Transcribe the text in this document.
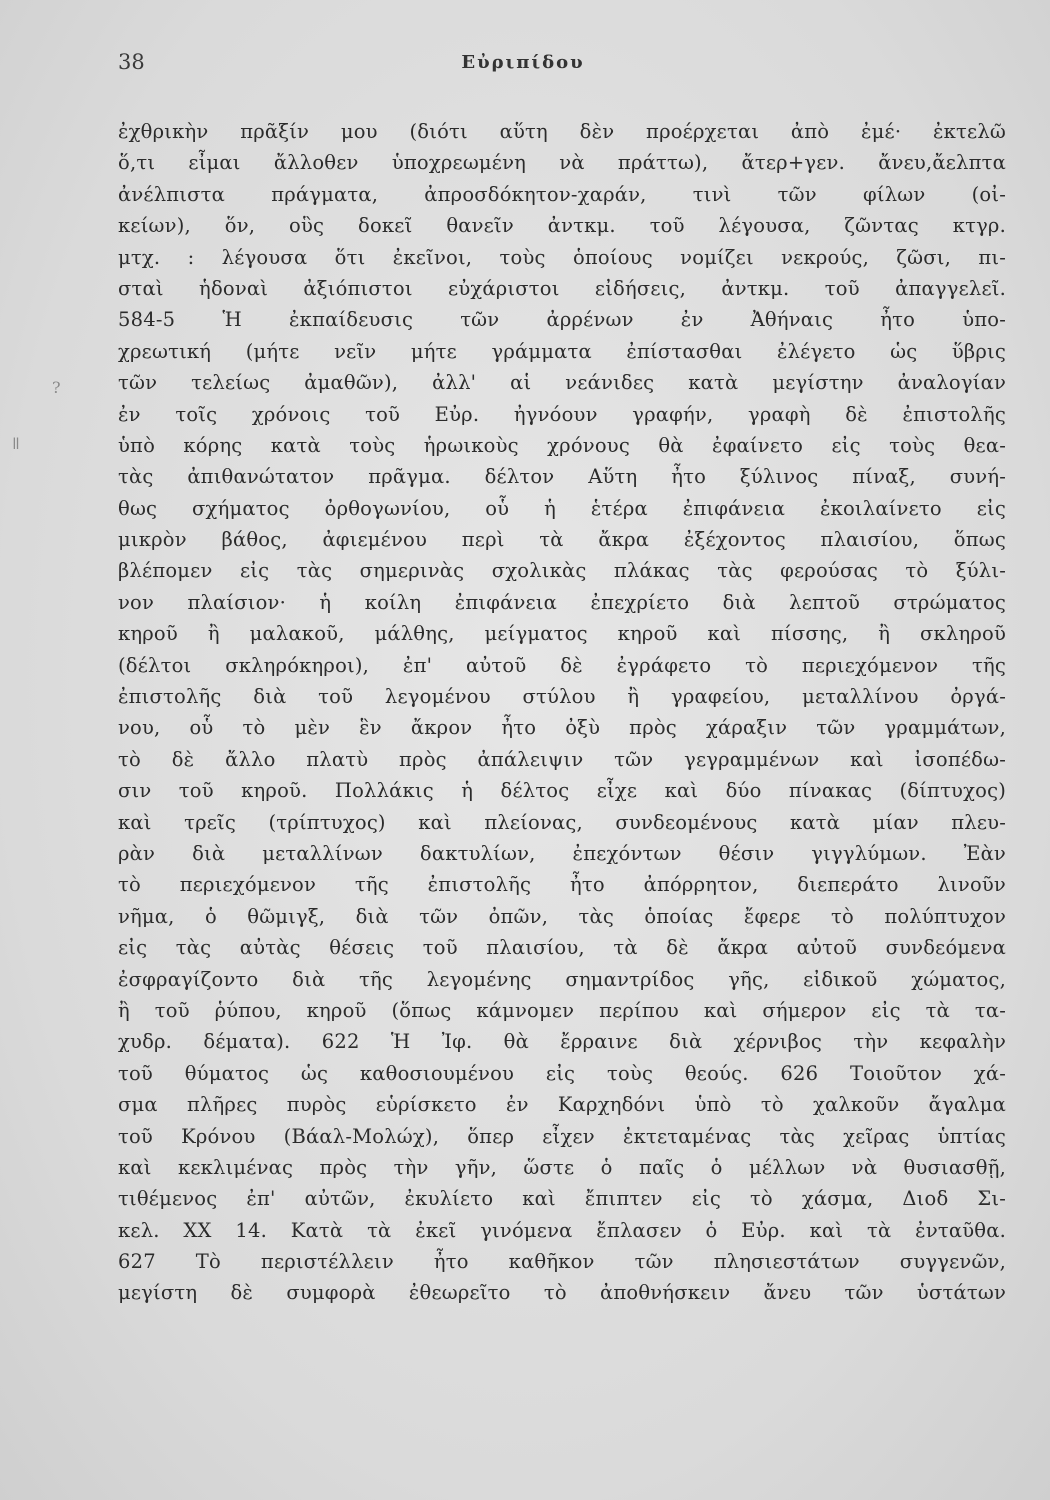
38	Εὐριπίδου
?
ǁ
ἐχθρικὴν πρᾶξίν μου (διότι αὕτη δὲν προέρχεται ἀπὸ ἐμέ· ἐκτελῶ
ὅ,τι εἶμαι ἄλλοθεν ὑποχρεωμένη νὰ πράττω), ἄτερ+γεν. ἄνευ,ἄελπτα
ἀνέλπιστα πράγματα, ἀπροσδόκητον-χαράν, τινὶ τῶν φίλων (οἰ-
κείων), ὅν, οὓς δοκεῖ θανεῖν ἀντκμ. τοῦ λέγουσα, ζῶντας κτγρ.
μτχ. : λέγουσα ὅτι ἐκεῖνοι, τοὺς ὁποίους νομίζει νεκρούς, ζῶσι, πι-
σταὶ ἡδοναὶ ἀξιόπιστοι εὐχάριστοι εἰδήσεις, ἀντκμ. τοῦ ἀπαγγελεῖ.
584-5 Ἡ ἐκπαίδευσις τῶν ἀρρένων ἐν Ἀθήναις ἦτο ὑπο-
χρεωτική (μήτε νεῖν μήτε γράμματα ἐπίστασθαι ἐλέγετο ὡς ὕβρις
τῶν τελείως ἀμαθῶν), ἀλλ' αἱ νεάνιδες κατὰ μεγίστην ἀναλογίαν
ἐν τοῖς χρόνοις τοῦ Εὐρ. ἠγνόουν γραφήν, γραφὴ δὲ ἐπιστολῆς
ὑπὸ κόρης κατὰ τοὺς ἡρωικοὺς χρόνους θὰ ἐφαίνετο εἰς τοὺς θεα-
τὰς ἀπιθανώτατον πρᾶγμα. δέλτον Αὕτη ἦτο ξύλινος πίναξ, συνή-
θως σχήματος ὀρθογωνίου, οὗ ἡ ἑτέρα ἐπιφάνεια ἐκοιλαίνετο εἰς
μικρὸν βάθος, ἀφιεμένου περὶ τὰ ἄκρα ἐξέχοντος πλαισίου, ὅπως
βλέπομεν εἰς τὰς σημερινὰς σχολικὰς πλάκας τὰς φερούσας τὸ ξύλι-
νον πλαίσιον· ἡ κοίλη ἐπιφάνεια ἐπεχρίετο διὰ λεπτοῦ στρώματος
κηροῦ ἢ μαλακοῦ, μάλθης, μείγματος κηροῦ καὶ πίσσης, ἢ σκληροῦ
(δέλτοι σκληρόκηροι), ἐπ' αὐτοῦ δὲ ἐγράφετο τὸ περιεχόμενον τῆς
ἐπιστολῆς διὰ τοῦ λεγομένου στύλου ἢ γραφείου, μεταλλίνου ὀργά-
νου, οὗ τὸ μὲν ἓν ἄκρον ἦτο ὀξὺ πρὸς χάραξιν τῶν γραμμάτων,
τὸ δὲ ἄλλο πλατὺ πρὸς ἀπάλειψιν τῶν γεγραμμένων καὶ ἰσοπέδω-
σιν τοῦ κηροῦ. Πολλάκις ἡ δέλτος εἶχε καὶ δύο πίνακας (δίπτυχος)
καὶ τρεῖς (τρίπτυχος) καὶ πλείονας, συνδεομένους κατὰ μίαν πλευ-
ρὰν διὰ μεταλλίνων δακτυλίων, ἐπεχόντων θέσιν γιγγλύμων. Ἐὰν
τὸ περιεχόμενον τῆς ἐπιστολῆς ἦτο ἀπόρρητον, διεπεράτο λινοῦν
νῆμα, ὁ θῶμιγξ, διὰ τῶν ὀπῶν, τὰς ὁποίας ἔφερε τὸ πολύπτυχον
εἰς τὰς αὐτὰς θέσεις τοῦ πλαισίου, τὰ δὲ ἄκρα αὐτοῦ συνδεόμενα
ἐσφραγίζοντο διὰ τῆς λεγομένης σημαντρίδος γῆς, εἰδικοῦ χώματος,
ἢ τοῦ ῥύπου, κηροῦ (ὅπως κάμνομεν περίπου καὶ σήμερον εἰς τὰ τα-
χυδρ. δέματα). 622 Ἡ Ἰφ. θὰ ἔρραινε διὰ χέρνιβος τὴν κεφαλὴν
τοῦ θύματος ὡς καθοσιουμένου εἰς τοὺς θεούς. 626 Τοιοῦτον χά-
σμα πλῆρες πυρὸς εὑρίσκετο ἐν Καρχηδόνι ὑπὸ τὸ χαλκοῦν ἄγαλμα
τοῦ Κρόνου (Βάαλ-Μολώχ), ὅπερ εἶχεν ἐκτεταμένας τὰς χεῖρας ὑπτίας
καὶ κεκλιμένας πρὸς τὴν γῆν, ὥστε ὁ παῖς ὁ μέλλων νὰ θυσιασθῇ,
τιθέμενος ἐπ' αὐτῶν, ἐκυλίετο καὶ ἔπιπτεν εἰς τὸ χάσμα, Διοδ Σι-
κελ. XX 14. Κατὰ τὰ ἐκεῖ γινόμενα ἔπλασεν ὁ Εὐρ. καὶ τὰ ἐνταῦθα.
627 Τὸ περιστέλλειν ἦτο καθῆκον τῶν πλησιεστάτων συγγενῶν,
μεγίστη δὲ συμφορὰ ἐθεωρεῖτο τὸ ἀποθνήσκειν ἄνευ τῶν ὑστάτων
